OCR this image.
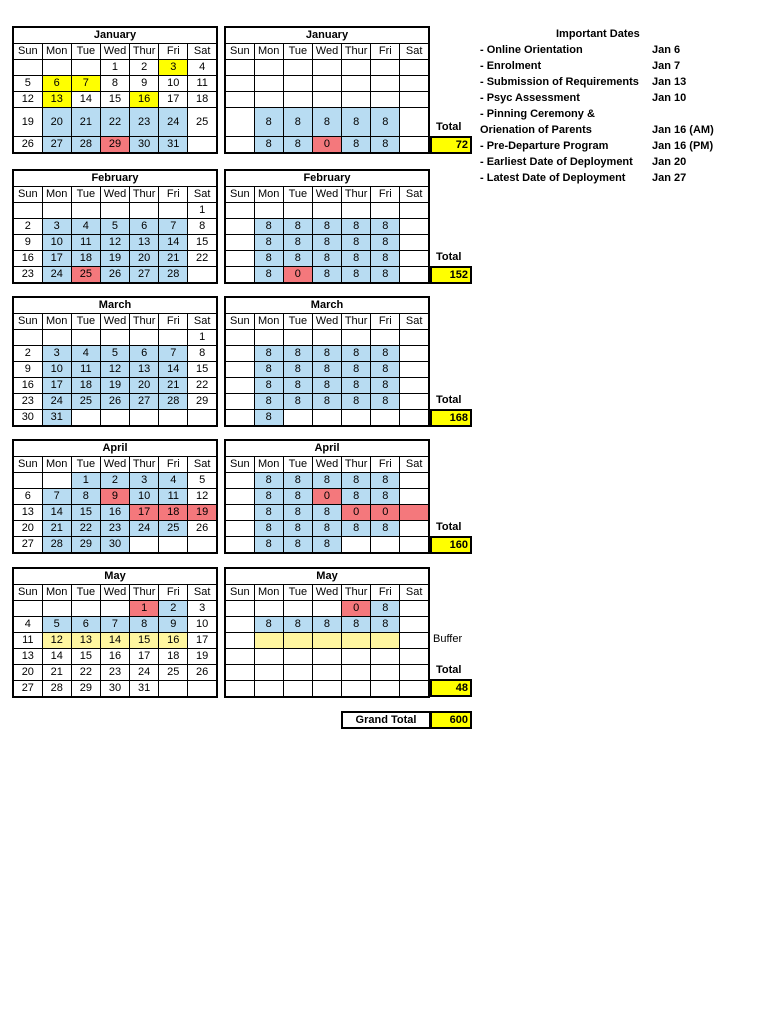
January						
Sun	Mon	Tue	Wed	Thur	Fri	Sat
			1	2	3	4
5	6	7	8	9	10	11
12	13	14	15	16	17	18
19	20	21	22	23	24	25
26	27	28	29	30	31	
January						
Sun	Mon	Tue	Wed	Thur	Fri	Sat

	8	8	8	8	8	
	8	8	0	8	8	
Total
72
February						
Sun	Mon	Tue	Wed	Thur	Fri	Sat
						1
2	3	4	5	6	7	8
9	10	11	12	13	14	15
16	17	18	19	20	21	22
23	24	25	26	27	28	
February						
Sun	Mon	Tue	Wed	Thur	Fri	Sat

	8	8	8	8	8	
	8	8	8	8	8	
	8	8	8	8	8	
	8	0	8	8	8	
Total
152
March						
Sun	Mon	Tue	Wed	Thur	Fri	Sat
						1
2	3	4	5	6	7	8
9	10	11	12	13	14	15
16	17	18	19	20	21	22
23	24	25	26	27	28	29
30	31					
March						
Sun	Mon	Tue	Wed	Thur	Fri	Sat

	8	8	8	8	8	
	8	8	8	8	8	
	8	8	8	8	8	
	8	8	8	8	8	
	8					
Total
168
April						
Sun	Mon	Tue	Wed	Thur	Fri	Sat
		1	2	3	4	5
6	7	8	9	10	11	12
13	14	15	16	17	18	19
20	21	22	23	24	25	26
27	28	29	30			
April						
Sun	Mon	Tue	Wed	Thur	Fri	Sat
	8	8	8	8	8	
	8	8	0	8	8	
	8	8	8	0	0	
	8	8	8	8	8	
	8	8	8			
Total
160
May						
Sun	Mon	Tue	Wed	Thur	Fri	Sat
				1	2	3
4	5	6	7	8	9	10
11	12	13	14	15	16	17
13	14	15	16	17	18	19
20	21	22	23	24	25	26
27	28	29	30	31		
May						
Sun	Mon	Tue	Wed	Thur	Fri	Sat
				0	8	
	8	8	8	8	8	

Total
48
Buffer
Important Dates
- Online Orientation	Jan 6
- Enrolment	Jan 7
- Submission of Requirements Jan 13
- Psyc Assessment	Jan 10
- Pinning Ceremony &
Orienation of Parents	Jan 16 (AM)
- Pre-Departure Program	Jan 16 (PM)
- Earliest Date of Deployment Jan 20
- Latest Date of Deployment Jan 27
Grand Total	600
